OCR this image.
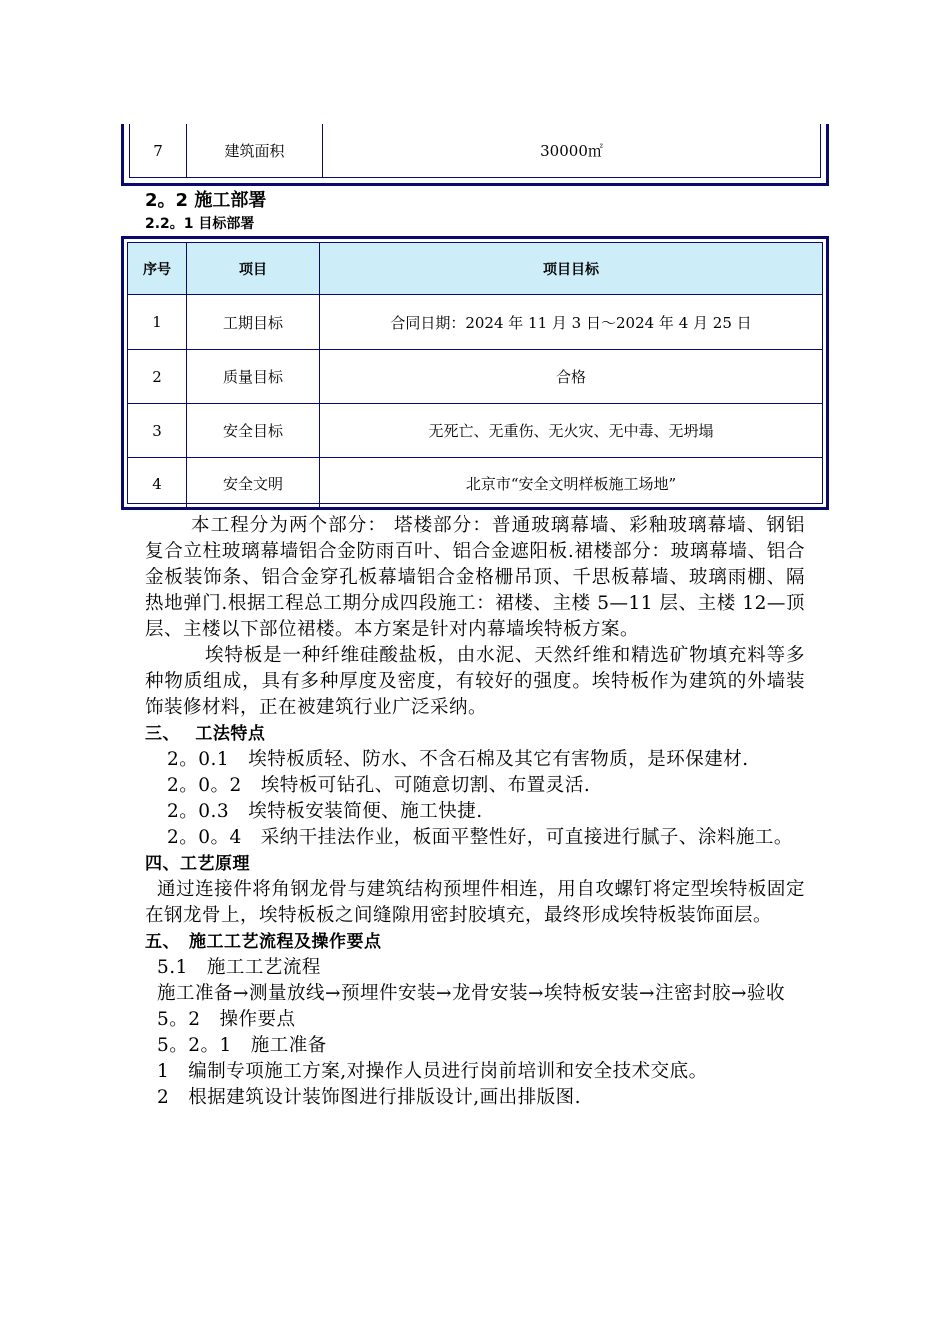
7	建筑面积	30000㎡
2。2 施工部署
2.2。1 目标部署
序号	项目	项目目标
1	工期目标	合同日期：2024 年 11 月 3 日～2024 年 4 月 25 日
2	质量目标	合格
3	安全目标	无死亡、无重伤、无火灾、无中毒、无坍塌
4	安全文明	北京市“安全文明样板施工场地”

本工程分为两个部分： 塔楼部分：普通玻璃幕墙、彩釉玻璃幕墙、钢铝复合立柱玻璃幕墙铝合金防雨百叶、铝合金遮阳板.裙楼部分：玻璃幕墙、铝合金板装饰条、铝合金穿孔板幕墙铝合金格栅吊顶、千思板幕墙、玻璃雨棚、隔热地弹门.根据工程总工期分成四段施工：裙楼、主楼 5—11 层、主楼 12—顶层、主楼以下部位裙楼。本方案是针对内幕墙埃特板方案。

埃特板是一种纤维硅酸盐板，由水泥、天然纤维和精选矿物填充料等多种物质组成，具有多种厚度及密度，有较好的强度。埃特板作为建筑的外墙装饰装修材料，正在被建筑行业广泛采纳。

三、　 工法特点

2。0.1　埃特板质轻、防水、不含石棉及其它有害物质，是环保建材.

2。0。2　埃特板可钻孔、可随意切割、布置灵活.

2。0.3　埃特板安装简便、施工快捷.

2。0。4　采纳干挂法作业，板面平整性好，可直接进行腻子、涂料施工。

四、工艺原理

通过连接件将角钢龙骨与建筑结构预埋件相连，用自攻螺钉将定型埃特板固定在钢龙骨上，埃特板板之间缝隙用密封胶填充，最终形成埃特板装饰面层。

五、　施工工艺流程及操作要点

5.1　施工工艺流程

施工准备→测量放线→预埋件安装→龙骨安装→埃特板安装→注密封胶→验收

5。2　操作要点

5。2。1　施工准备

1　编制专项施工方案,对操作人员进行岗前培训和安全技术交底。

2　根据建筑设计装饰图进行排版设计,画出排版图.
